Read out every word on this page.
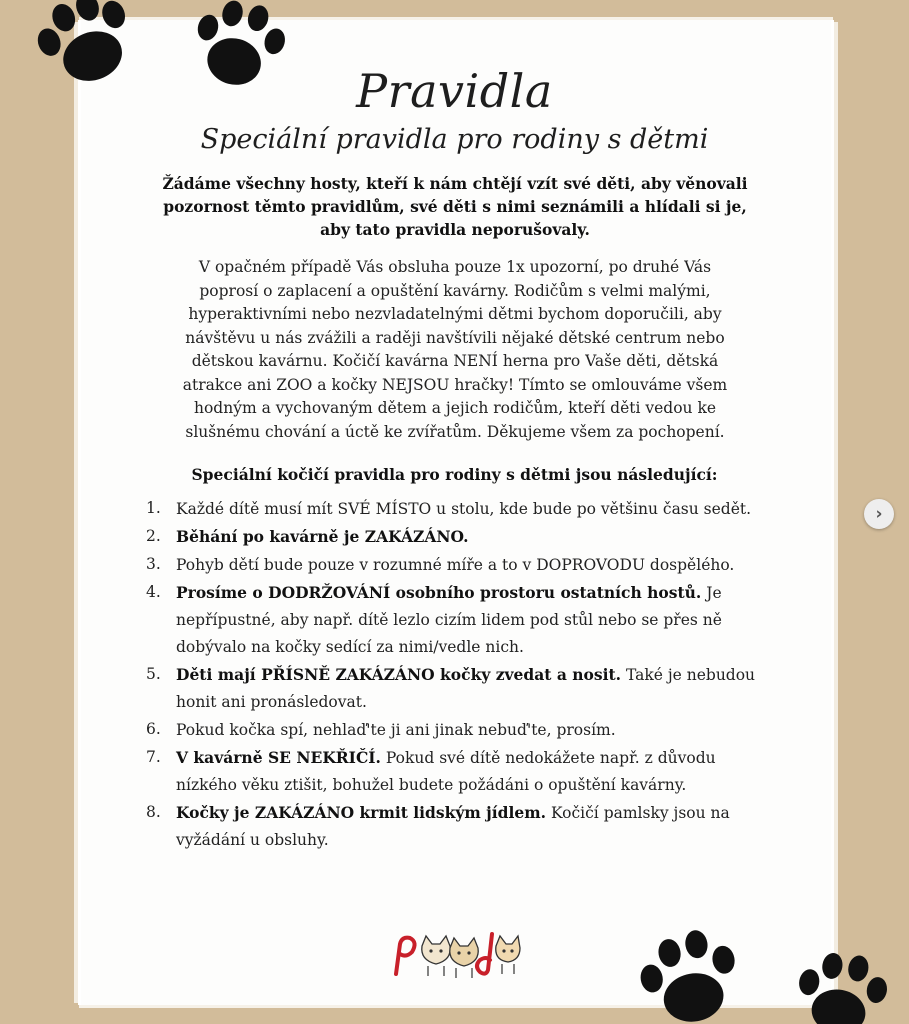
Pravidla
Speciální pravidla pro rodiny s dětmi
Žádáme všechny hosty, kteří k nám chtějí vzít své děti, aby věnovali
pozornost těmto pravidlům, své děti s nimi seznámili a hlídali si je,
aby tato pravidla neporušovaly.
V opačném případě Vás obsluha pouze 1x upozorní, po druhé Vás
poprosí o zaplacení a opuštění kavárny. Rodičům s velmi malými,
hyperaktivními nebo nezvladatelnými dětmi bychom doporučili, aby
návštěvu u nás zvážili a raději navštívili nějaké dětské centrum nebo
dětskou kavárnu. Kočičí kavárna NENÍ herna pro Vaše děti, dětská
atrakce ani ZOO a kočky NEJSOU hračky! Tímto se omlouváme všem
hodným a vychovaným dětem a jejich rodičům, kteří děti vedou ke
slušnému chování a úctě ke zvířatům. Děkujeme všem za pochopení.
Speciální kočičí pravidla pro rodiny s dětmi jsou následující:
1. Každé dítě musí mít SVÉ MÍSTO u stolu, kde bude po většinu času sedět.
2. Běhání po kavárně je ZAKÁZÁNO.
3. Pohyb dětí bude pouze v rozumné míře a to v DOPROVODU dospělého.
4. Prosíme o DODRŽOVÁNÍ osobního prostoru ostatních hostů. Je nepřípustné, aby např. dítě lezlo cizím lidem pod stůl nebo se přes ně dobývalo na kočky sedící za nimi/vedle nich.
5. Děti mají PŘÍSNĚ ZAKÁZÁNO kočky zvedat a nosit. Také je nebudou honit ani pronásledovat.
6. Pokud kočka spí, nehlaď'te ji ani jinak nebuď'te, prosím.
7. V kavárně SE NEKŘIČÍ. Pokud své dítě nedokážete např. z důvodu nízkého věku ztišit, bohužel budete požádáni o opuštění kavárny.
8. Kočky je ZAKÁZÁNO krmit lidským jídlem. Kočičí pamlsky jsou na vyžádání u obsluhy.
›
